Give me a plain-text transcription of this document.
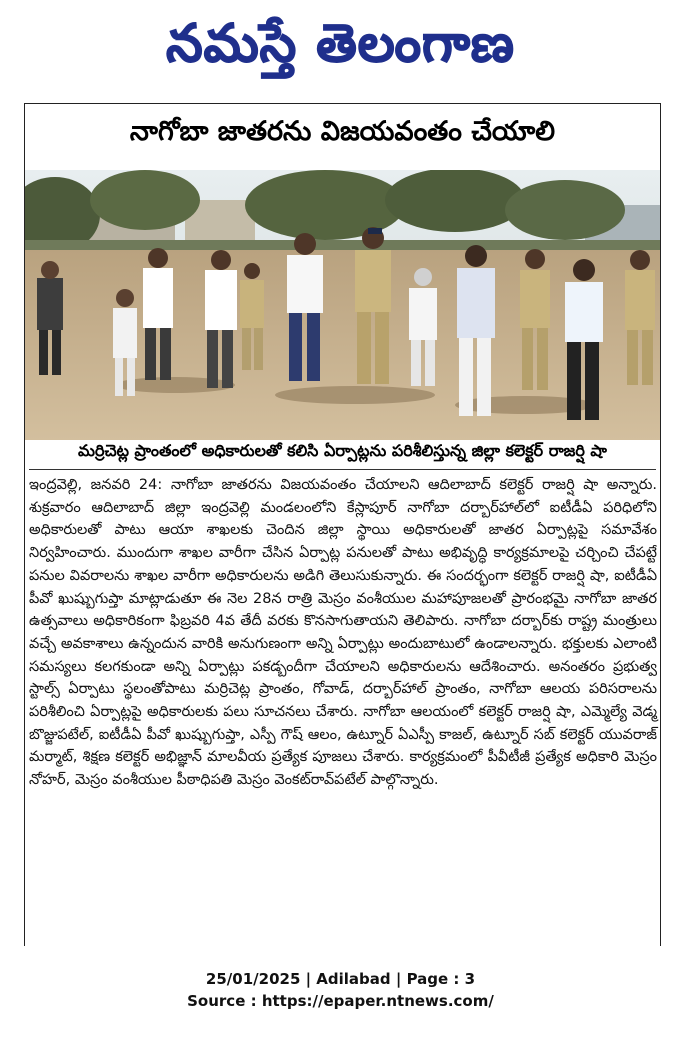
నమస్తే తెలంగాణ
నాగోబా జాతరను విజయవంతం చేయాలి
మర్రిచెట్ల ప్రాంతంలో అధికారులతో కలిసి ఏర్పాట్లను పరిశీలిస్తున్న జిల్లా కలెక్టర్ రాజర్షి షా
ఇంద్రవెల్లి, జనవరి 24: నాగోబా జాతరను విజయవంతం చేయాలని ఆదిలాబాద్ కలెక్టర్ రాజర్షి షా అన్నారు. శుక్రవారం ఆదిలాబాద్ జిల్లా ఇంద్రవెల్లి మండలంలోని కేస్లాపూర్ నాగోబా దర్బార్‌హాల్‌లో ఐటీడీఏ పరిధిలోని అధికారులతో పాటు ఆయా శాఖలకు చెందిన జిల్లా స్థాయి అధికారులతో జాతర ఏర్పాట్లపై సమావేశం నిర్వహించారు. ముందుగా శాఖల వారీగా చేసిన ఏర్పాట్ల పనులతో పాటు అభివృద్ధి కార్యక్రమాలపై చర్చించి చేపట్టే పనుల వివరాలను శాఖల వారీగా అధికారులను అడిగి తెలుసుకున్నారు. ఈ సందర్భంగా కలెక్టర్ రాజర్షి షా, ఐటీడీఏ పీవో ఖుష్బుగుప్తా మాట్లాడుతూ ఈ నెల 28న రాత్రి మెస్రం వంశీయుల మహాపూజలతో ప్రారంభమై నాగోబా జాతర ఉత్సవాలు అధికారికంగా ఫిబ్రవరి 4వ తేదీ వరకు కొనసాగుతాయని తెలిపారు. నాగోబా దర్బార్‌కు రాష్ట్ర మంత్రులు వచ్చే అవకాశాలు ఉన్నందున వారికి అనుగుణంగా అన్ని ఏర్పాట్లు అందుబాటులో ఉండాలన్నారు. భక్తులకు ఎలాంటి సమస్యలు కలగకుండా అన్ని ఏర్పాట్లు పకడ్బందీగా చేయాలని అధికారులను ఆదేశించారు. అనంతరం ప్రభుత్వ స్టాల్స్ ఏర్పాటు స్థలంతోపాటు మర్రిచెట్ల ప్రాంతం, గోవాడ్, దర్బార్‌హాల్ ప్రాంతం, నాగోబా ఆలయ పరిసరాలను పరిశీలించి ఏర్పాట్లపై అధికారులకు పలు సూచనలు చేశారు. నాగోబా ఆలయంలో కలెక్టర్ రాజర్షి షా, ఎమ్మెల్యే వెడ్మ బొజ్జుపటేల్, ఐటీడీఏ పీవో ఖుష్బుగుప్తా, ఎస్పీ గౌష్ ఆలం, ఉట్నూర్ ఏఎస్పీ కాజల్, ఉట్నూర్ సబ్ కలెక్టర్ యువరాజ్ మర్మాట్, శిక్షణ కలెక్టర్ అభిజ్ఞాన్ మాలవీయ ప్రత్యేక పూజలు చేశారు. కార్యక్రమంలో పీవీటీజీ ప్రత్యేక అధికారి మెస్రం నోహర్, మెస్రం వంశీయుల పీఠాధిపతి మెస్రం వెంకట్‌రావ్‌పటేల్ పాల్గొన్నారు.
25/01/2025 | Adilabad | Page : 3
Source : https://epaper.ntnews.com/
